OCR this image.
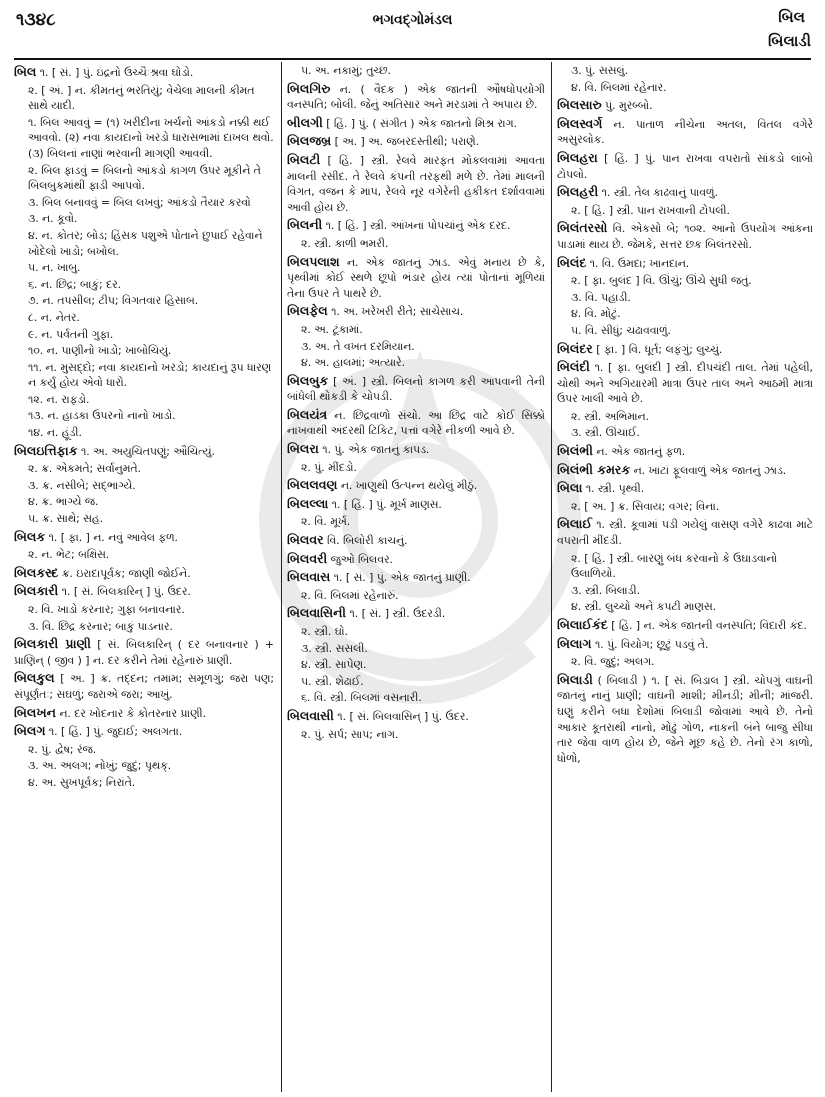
૧૩૪૮	ભગવદ્ગોમંડલ	બિલ
બિલાડી
બિલ ૧. [ સં. ] પું. ઇંદ્રનો ઉચ્ચૈઃશ્રવા ઘોડો.
૨. [ અં. ] ન. કીમતનું ભરતિયું; વેચેલા માલની કીમત સાથે યાદી.
૧. બિલ આવવું = (૧) ખરીદીના ખર્ચનો આંકડો નક્કી થઈ આવવો. (૨) નવા કાયદાનો ખરડો ધારાસભામાં દાખલ થવો. (૩) બિલનાં નાણાં ભરવાની માગણી આવવી.
૨. બિલ ફાડવું = બિલનો આંકડો કાગળ ઉપર મૂકીને તે બિલબુકમાંથી ફાડી આપવો.
૩. બિલ બનાવવું = બિલ લખવું; આંકડો તૈયાર કરવો
૩. ન. કૂવો.
૪. ન. કોતર; બોડ; હિંસક પશુએ પોતાને છુપાઈ રહેવાને ખોદેલો ખાડો; બખોલ.
૫. ન. ખાબુ.
૬. ન. છિદ્ર; બાકું; દર.
૭. ન. તપસીલ; ટીપ; વિગતવાર હિસાબ.
૮. ન. નેતર.
૯. ન. પર્વતની ગુફા.
૧૦. ન. પાણીનો ખાડો; ખાબોચિયું.
૧૧. ન. મુસદ્દો; નવા કાયદાનો ખરડો; કાયદાનું રૂપ ધારણ ન કર્યું હોય એવો ધારો.
૧૨. ન. રાફડો.
૧૩. ન. હાડકા ઉપરનો નાનો ખાડો.
૧૪. ન. હૂંડી.
બિલઇત્તિફાક ૧. અ. અયુચિતપણું; ઔચિત્યું.
૨. ક્ર. એકમતે; સર્વાનુમતે.
૩. ક્ર. નસીબે; સદ્ભાગ્યે.
૪. ક્ર. ભાગ્યે જ.
૫. ક્ર. સાથે; સહ.
બિલક ૧. [ ફા. ] ન. નવું આવેલ ફળ.
૨. ન. ભેટ; બક્ષિસ.
બિલકસ્દ ક્ર. ઇરાદાપૂર્વક; જાણી જોઈને.
બિલકારી ૧. [ સં. બિલકારિન્ ] પું. ઉંદર.
૨. વિ. ખાડો કરનાર; ગુફા બનાવનાર.
૩. વિ. છિદ્ર કરનાર; બાકું પાડનાર.
બિલકારી પ્રાણી [ સં. બિલકારિન્ ( દર બનાવનાર ) + પ્રાણિન્ ( જીવ ) ] ન. દર કરીને તેમાં રહેનારું પ્રાણી.
બિલકુલ [ અ. ] ક્ર. તદ્દન; તમામ; સમૂળગું; જરા પણ; સંપૂર્ણતઃ; સઘળું; જરાએ જરા; આખું.
બિલખન ન. દર ખોદનાર કે કોતરનાર પ્રાણી.
બિલગ ૧. [ હિં. ] પું. જુદાઈ; અલગતા.
૨. પું. દ્વેષ; રંજ.
૩. અ. અલગ; નોખું; જુદું; પૃથક્.
૪. અ. સુખપૂર્વક; નિરાંતે.
૫. અ. નકામું; તુચ્છ.
બિલગિરુ ન. ( વૈદક ) એક જાતની ઔષધોપયોગી વનસ્પતિ; બોલી. જેનું અતિસાર અને મરડામાં તે અપાય છે.
બીલગી [ હિં. ] પું. ( સંગીત ) એક જાતનો મિશ્ર રાગ.
બિલજબ્ર [ અ. ] અ. જબરદસ્તીથી; પરાણે.
બિલટી [ હિં. ] સ્ત્રી. રેલવે મારફત મોકલવામાં આવતા માલની રસીદ. તે રેલવે કંપની તરફથી મળે છે. તેમાં માલની વિગત, વજન કે માપ, રેલવે નૂર વગેરેની હકીકત દર્શાવવામાં આવી હોય છે.
બિલની ૧. [ હિં. ] સ્ત્રી. આંખનાં પોપચાંનું એક દરદ.
૨. સ્ત્રી. કાળી ભમરી.
બિલપલાશ ન. એક જાતનું ઝાડ. એવું મનાય છે કે, પૃથ્વીમાં કોઈ સ્થળે છૂપો ભંડાર હોય ત્યાં પોતાનાં મૂળિયાં તેના ઉપર તે પાથરે છે.
બિલફેલ ૧. અ. ખરેખરી રીતે; સાચેસાચ.
૨. અ. ટૂંકામાં.
૩. અ. તે વખત દરમિયાન.
૪. અ. હાલમાં; અત્યારે.
બિલબુક [ અં. ] સ્ત્રી. બિલનો કાગળ કરી આપવાની તેની બાંધેલી થોકડી કે ચોપડી.
બિલયંત્ર ન. છિદ્રવાળો સંચો. આ છિદ્ર વાટે કોઈ સિક્કો નાખવાથી અંદરથી ટિકિટ, પત્તાં વગેરે નીકળી આવે છે.
બિલરા ૧. પું. એક જાતનું કાપડ.
૨. પું. મીંદડો.
બિલલવણ ન. ખાણુથી ઉત્પન્ન થયેલું મીઠું.
બિલલ્લા ૧. [ હિં. ] પું. મૂર્ખ માણસ.
૨. વિ. મૂર્ખ.
બિલવર વિ. બિલોરી કાચનું.
બિલવરી જુઓ બિલવર.
બિલવાસ ૧. [ સં. ] પું. એક જાતનું પ્રાણી.
૨. વિ. બિલમાં રહેનારું.
બિલવાસિની ૧. [ સં. ] સ્ત્રી. ઉંદરડી.
૨. સ્ત્રી. ઘો.
૩. સ્ત્રી. સસલી.
૪. સ્ત્રી. સાપેણ.
૫. સ્ત્રી. શેઢાઈ.
૬. વિ. સ્ત્રી. બિલમાં વસનારી.
બિલવાસી ૧. [ સં. બિલવાસિન્ ] પું. ઉંદર.
૨. પું. સર્પ; સાપ; નાગ.
૩. પું. સસલું.
૪. વિ. બિલમાં રહેનાર.
બિલસારુ પું. મુરબ્બો.
બિલસ્વર્ગ ન. પાતાળ નીચેના અતલ, વિતલ વગેરે અસુરલોક.
બિલહરા [ હિં. ] પું. પાન રાખવા વપરાતો સાંકડો લાંબો ટોપલો.
બિલહરી ૧. સ્ત્રી. તેલ કાઢવાનું પાવળું.
૨. [ હિં. ] સ્ત્રી. પાન રાખવાની ટોપલી.
બિલંતરસો વિ. એકસો બે; ૧૦૨. આનો ઉપયોગ આંકના પાડામાં થાય છે. જેમકે, સત્તર છક બિલંતરસો.
બિલંદ ૧. વિ. ઉમદા; ખાનદાન.
૨. [ ફા. બુલંદ ] વિ. ઊંચું; ઊંચે સુધી જતું.
૩. વિ. પહાડી.
૪. વિ. મોટું.
૫. વિ. સીધું; ચઢાવવાળું.
બિલંદર [ ફા. ] વિ. ધૂર્ત; લફંગું; લુચ્ચું.
બિલંદી ૧. [ ફા. બુલંદી ] સ્ત્રી. દીપચંદી તાલ. તેમાં પહેલી, ચોથી અને અગિયારમી માત્રા ઉપર તાલ અને આઠમી માત્રા ઉપર ખાલી આવે છે.
૨. સ્ત્રી. અભિમાન.
૩. સ્ત્રી. ઊંચાઈ.
બિલંભી ન. એક જાતનું ફળ.
બિલંભી કમરક ન. ખાટાં ફૂલવાળું એક જાતનું ઝાડ.
બિલા ૧. સ્ત્રી. પૃથ્વી.
૨. [ અ. ] ક્ર. સિવાય; વગર; વિના.
બિલાઈ ૧. સ્ત્રી. કૂવામાં પડી ગયેલું વાસણ વગેરે કાઢવા માટે વપરાતી મીંદડી.
૨. [ હિં. ] સ્ત્રી. બારણું બંધ કરવાનો કે ઉઘાડવાનો ઉલાળિયો.
૩. સ્ત્રી. બિલાડી.
૪. સ્ત્રી. લુચ્ચો અને કપટી માણસ.
બિલાઈકંદ [ હિં. ] ન. એક જાતની વનસ્પતિ; વિદારી કંદ.
બિલાગ ૧. પું. વિયોગ; છૂટું પડવું તે.
૨. વિ. જુદું; અલગ.
બિલાડી ( બિલાડી ) ૧. [ સં. બિડાલ ] સ્ત્રી. ચોપગું વાઘની જાતનું નાનું પ્રાણી; વાઘની માશી; મીનડી; મીની; માંજરી. ઘણું કરીને બધા દેશોમાં બિલાડી જોવામાં આવે છે. તેનો આકાર કૂતરાથી નાનો, મોઢું ગોળ, નાકની બંને બાજુ સીધા તાર જેવા વાળ હોય છે, જેને મૂછ કહે છે. તેનો રંગ કાળો, ધોળો,
